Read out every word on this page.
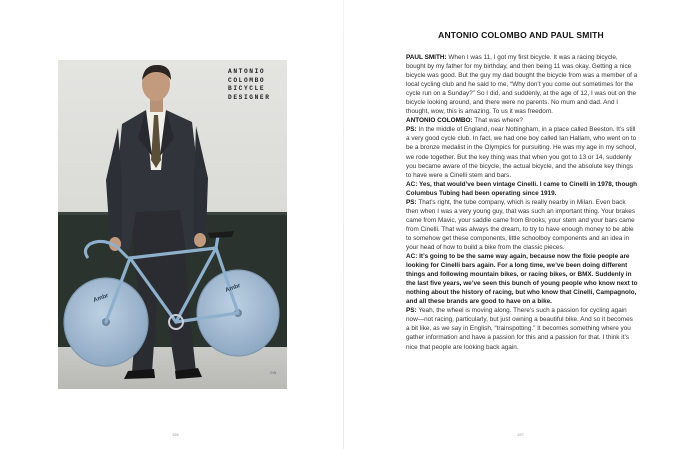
Ambr
Ambr
ANTONIO
COLOMBO
BICYCLE
DESIGNER
GIN
156
ANTONIO COLOMBO AND PAUL SMITH

PAUL SMITH: When I was 11, I got my first bicycle. It was a racing bicycle, bought by my father for my birthday, and then being 11 was okay. Getting a nice bicycle was good. But the guy my dad bought the bicycle from was a member of a local cycling club and he said to me, “Why don’t you come out sometimes for the cycle run on a Sunday?” So I did, and suddenly, at the age of 12, I was out on the bicycle looking around, and there were no parents. No mum and dad. And I thought, wow, this is amazing. To us it was freedom.

ANTONIO COLOMBO: That was where?

PS: In the middle of England, near Nottingham, in a place called Beeston. It’s still a very good cycle club. In fact, we had one boy called Ian Hallam, who went on to be a bronze medalist in the Olympics for pursuiting. He was my age in my school, we rode together. But the key thing was that when you got to 13 or 14, suddenly you became aware of the bicycle, the actual bicycle, and the absolute key things to have were a Cinelli stem and bars.

AC: Yes, that would’ve been vintage Cinelli. I came to Cinelli in 1978, though Columbus Tubing had been operating since 1919.

PS: That’s right, the tube company, which is really nearby in Milan. Even back then when I was a very young guy, that was such an important thing. Your brakes came from Mavic, your saddle came from Brooks, your stem and your bars came from Cinelli. That was always the dream, to try to have enough money to be able to somehow get these components, little schoolboy components and an idea in your head of how to build a bike from the classic pieces.

AC: It’s going to be the same way again, because now the fixie people are looking for Cinelli bars again. For a long time, we’ve been doing different things and following mountain bikes, or racing bikes, or BMX. Suddenly in the last five years, we’ve seen this bunch of young people who know next to nothing about the history of racing, but who know that Cinelli, Campagnolo, and all these brands are good to have on a bike.

PS: Yeah, the wheel is moving along. There’s such a passion for cycling again now—not racing, particularly, but just owning a beautiful bike. And so it becomes a bit like, as we say in English, “trainspotting.” It becomes something where you gather information and have a passion for this and a passion for that. I think it’s nice that people are looking back again.

157
